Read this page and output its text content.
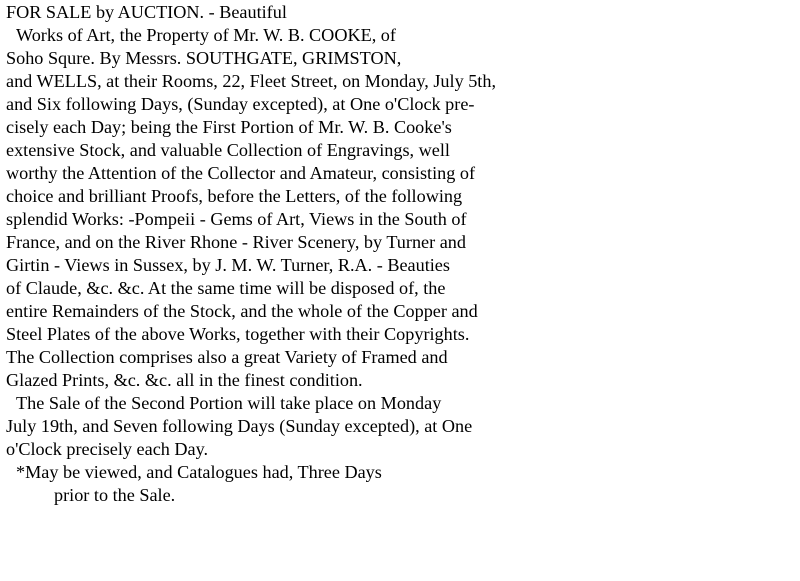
FOR SALE by AUCTION. - Beautiful
Works of Art, the Property of Mr. W. B. COOKE, of
Soho Squre. By Messrs. SOUTHGATE, GRIMSTON,
and WELLS, at their Rooms, 22, Fleet Street, on Monday, July 5th,
and Six following Days, (Sunday excepted), at One o'Clock pre-
cisely each Day; being the First Portion of Mr. W. B. Cooke's
extensive Stock, and valuable Collection of Engravings, well
worthy the Attention of the Collector and Amateur, consisting of
choice and brilliant Proofs, before the Letters, of the following
splendid Works: -Pompeii - Gems of Art, Views in the South of
France, and on the River Rhone - River Scenery, by Turner and
Girtin - Views in Sussex, by J. M. W. Turner, R.A. - Beauties
of Claude, &c. &c. At the same time will be disposed of, the
entire Remainders of the Stock, and the whole of the Copper and
Steel Plates of the above Works, together with their Copyrights.
The Collection comprises also a great Variety of Framed and
Glazed Prints, &c. &c. all in the finest condition.
The Sale of the Second Portion will take place on Monday
July 19th, and Seven following Days (Sunday excepted), at One
o'Clock precisely each Day.
*May be viewed, and Catalogues had, Three Days
prior to the Sale.
